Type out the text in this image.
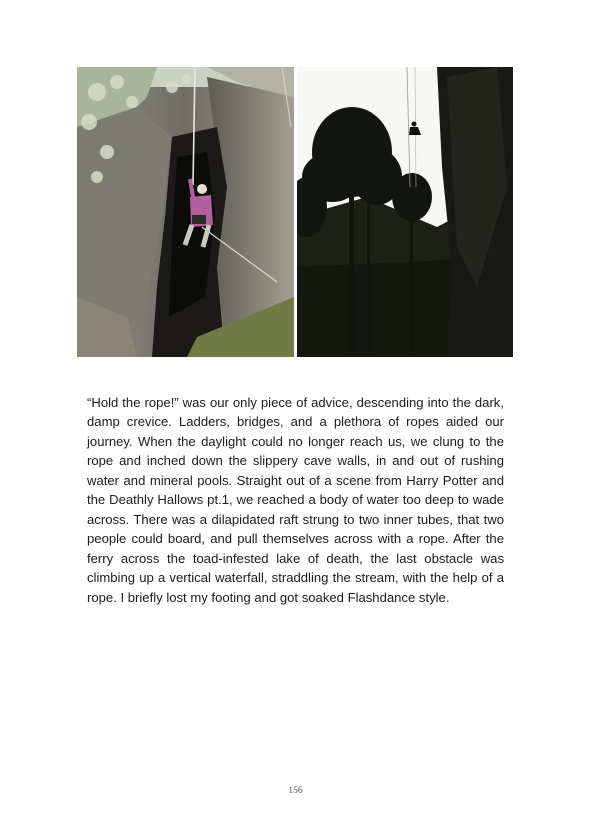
“Hold the rope!” was our only piece of advice, descending into the dark, damp crevice. Ladders, bridges, and a plethora of ropes aided our journey. When the daylight could no longer reach us, we clung to the rope and inched down the slippery cave walls, in and out of rushing water and mineral pools. Straight out of a scene from Harry Potter and the Deathly Hallows pt.1, we reached a body of water too deep to wade across. There was a dilapidated raft strung to two inner tubes, that two people could board, and pull themselves across with a rope. After the ferry across the toad-infested lake of death, the last obstacle was climbing up a vertical waterfall, straddling the stream, with the help of a rope. I briefly lost my footing and got soaked Flashdance style.

156
